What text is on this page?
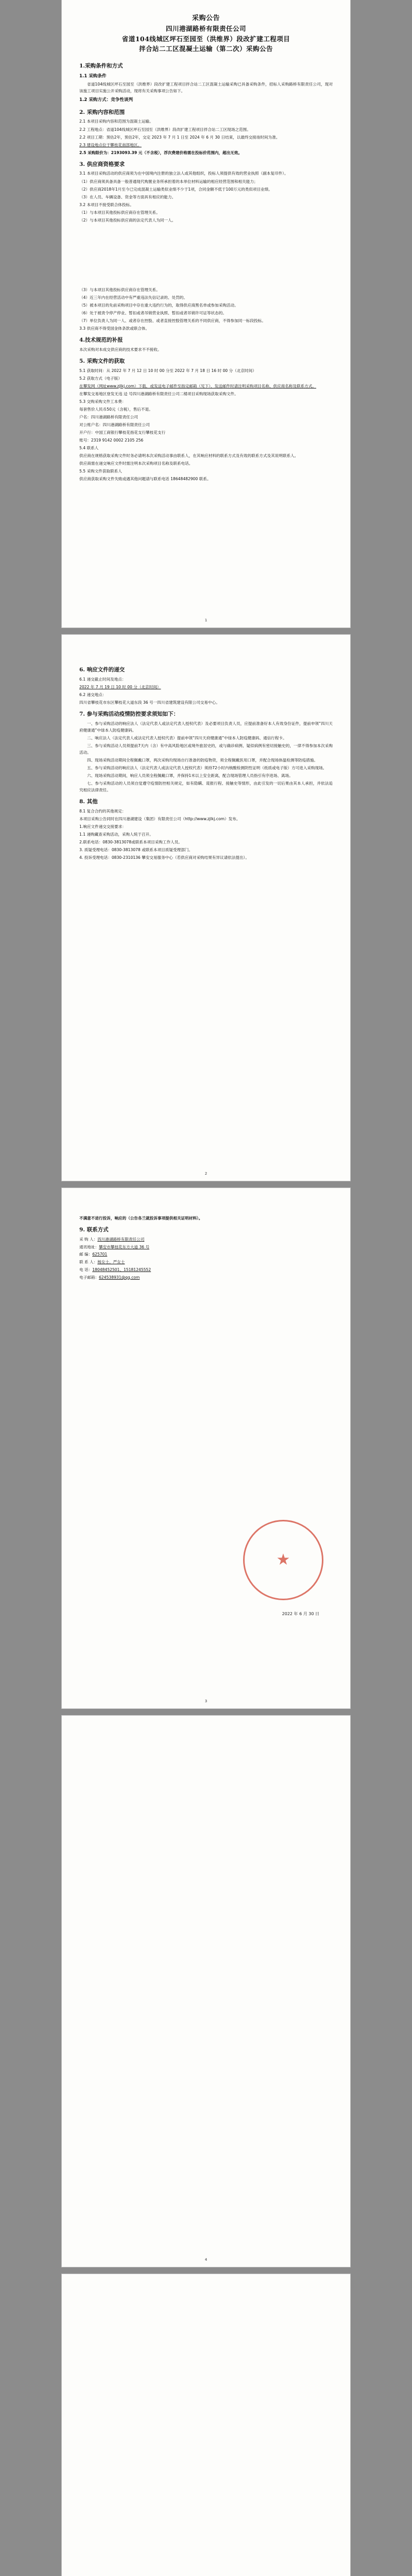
采购公告
四川港湖路桥有限责任公司
省道104线城区坪石至园至（洪维界）段改扩建工程项目
拌合站二工区混凝土运输（第二次）采购公告
1.采购条件和方式
1.1 采购条件

省道104线城区坪石至园至（洪维界）段改扩建工程项目拌合站二工区混凝土运输采购已具备采购条件，招标人采购路桥有限责任公司，现对该施工项目实施公开采购活动，现将有关采购事项公告如下。

1.2 采购方式：竞争性谈判
2. 采购内容和范围

2.1 本项目采购内容和范围为混凝土运输。

2.2 工程地点：省道104线城区坪石至园至（洪维界）段改扩建工程项目拌合站二工区现场之范围。

2.2 项目工期：预估2年，预估2年，交定 2023 年 7 月 1 日至 2024 年 6 月 30 日结束，以最终交接竣时间为准。

2.3 建设地点位于攀枝花南部地区。

2.5 采购限价为：2193093.39 元（不含税），浮次费建价格需在投标价范围内，超出无效。

3. 供应商资格要求

3.1 本项目采购活动的供应商须为在中国境内注册的独立法人或其他组织，投标人须提供有效的营业执照（副本复印件）。

（1）供应商须具备具备一般普通现代购置业务所承担着的本单位材料运输的相应经营范围和相关能力；

（2）供应商2018年1月至今已完成混凝土运输类似业绩不少于1项，合同金额不低于100万元的类似项目业绩。

（3）在人员、车辆设备、资金等方面具有相应的能力。

3.2 本项目不接受联合体投标。

（1）与本项目其他投标供应商存在管理关系。

（2）与本项目其他投标供应商的法定代表人为同一人。

（3）与本项目其他投标供应商存在管理关系。

（4）近三年内在经营活动中有严重违法失信记录的、处罚的。

（5）被本项目的先前采购项目中存在重大违约行为的，取得供应商黑名单或参加采购活动。

（6）处于被责令停产停业、暂扣或者吊销营业执照、暂扣或者吊销许可证等状态的。

（7）单位负责人为同一人、或者存在控股、或者直接控股管理关系的不同供应商，不得参加同一标段投标。

3.3 供应商不得受国金体条款或联合体。

4.技术规范的补报

本次采购对本成交供应商的技术要求不不接收。

5. 采购文件的获取

5.1 获取时间：从 2022 年 7 月 12 日 10 时 00 分至 2022 年 7 月 18 日 16 时 00 分（北京时间）

5.2 获取方式（电子版）

在攀发网（网址www.zjlkj.com）下载，或发送电子邮件至指定邮箱（见下），发送邮件时请注明采购项目名称、供应商名称及联系方式。

在攀发交易地区登发无违 迳 号四川港湖路桥有限责任公司二楼项目采购现场获取采购文件。

5.3 交购采购文件工本费：

每套售价人民币50元（含税），售后不退。

户名：四川港湖路桥有限责任公司

对公账户名：四川港湖路桥有限责任公司

开户行：中国工商银行攀枝花指花支行攀枝花支行

账号：2319 9142 0002 2105 256

5.4 联系人

供应商在规格获取采购文件时务必请明本次采购活动事由联系人，在其响应材料的联系方式及有效的联系方式及其说明联系人。

供应商需在递交响应文件时需注明本次采购项目名称及联系电话。

5.5 采购文件获取联系人

供应商获取采购文件失败或遇其他问题请与联系电话 18648482900 联系。

1
6. 响应文件的递交

6.1 递交截止时间及地点：

2022 年 7 月 19 日 10 时 00 分（北京时间）

6.2 递交地点：

四川省攀枝花市东区攀枝花大道东段 36 号一四川省建筑建设有限公司交易中心。

7. 参与采购活动疫情防控要求须知如下：

一、参与采购活动的响应法人（法定代表人或法定代表人授权代表）及必要项目负责人员，应提前准备好本人有效身份证件，提前申领“四川天府健康通”中绿本人防疫健康码。

二、响应法人（法定代表人或法定代表人授权代表）提前申领“四川天府健康通”中绿本人防疫健康码、通信行程卡。

三、参与采购活动人员须提前7天内（含）有中高风险地区或境外旅居史的，或与确诊病例、疑似病例有密切接触史的，一律不得参加本次采购活动。

四、现场采购活动期间全程佩戴口罩，两次采购均现场自行准备的防疫物资，须全程佩戴医用口罩，并配合现场体温检测等防疫措施。

五、参与采购活动的响应法人（法定代表人或法定代表人授权代表）须持72小时内核酸检测阴性证明（纸质或电子版）方可进入采购现场。

六、现场采购活动期间，响应人员须全程佩戴口罩，并保持1米以上安全距离，配合现场管理人员指引有序进场、离场。

七、参与采购活动的人员须自觉遵守疫情防控相关规定，如有隐瞒、谎报行程、接触史等情形，由此引发的一切后果由其本人承担，并依法追究相应法律责任。

8. 其他

8.1 复合合约的其他规定：

本项目采购公告同时在四川港湖建设（集团）有限责任公司（http://www.zjlkj.com）发布。

1.响应文件递交交接要求：

1.1 递购藏查采购活动，采购人统于召开。

2.联系电话：0830-3813078或联系本项目采购工作人员。

3. 质疑受理电话：0830-3813078 或联系本项目质疑受理部门。

4. 投诉受理电话：0830-2310136 攀安交易服务中心（若供应商对采购结果有异议请依法提出）。

2

不满意不进行投诉，响应的（公告各兰就投诉事项提供相关证明材料）。

9. 联系方式

采 购 人：四川港湖路桥有限责任公司

通讯地址：攀安市攀枝花东方大道 36 号

邮 编：625701

联 系 人：杨女士、严女士

电 话：18048452501、15181245552

电子邮箱：624538931@qq.com

★
2022 年 6 月 30 日
3
4
